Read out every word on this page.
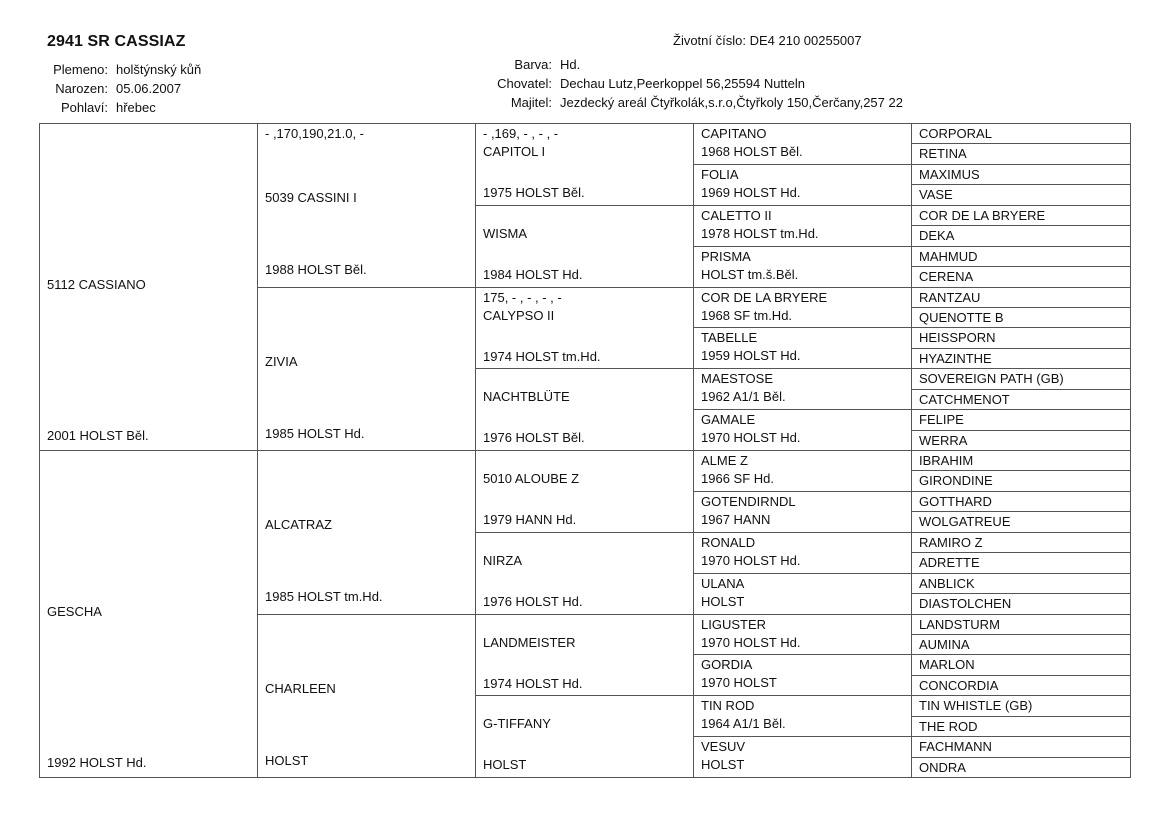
2941 SR CASSIAZ	Životní číslo: DE4 210 00255007
Plemeno: holštýnský kůň
Narozen: 05.06.2007
Pohlaví: hřebec
Barva: Hd.
Chovatel: Dechau Lutz,Peerkoppel 56,25594 Nutteln
Majitel: Jezdecký areál Čtyřkolák,s.r.o,Čtyřkoly 150,Čerčany,257 22
5112 CASSIANO
2001 HOLST Běl.
GESCHA
1992 HOLST Hd.
- ,170,190,21.0, -
5039 CASSINI I
1988 HOLST Běl.
ZIVIA
1985 HOLST Hd.
ALCATRAZ
1985 HOLST tm.Hd.
CHARLEEN
HOLST
- ,169, - , - , -
CAPITOL I
1975 HOLST Běl.
WISMA
1984 HOLST Hd.
175, - , - , - , -
CALYPSO II
1974 HOLST tm.Hd.
NACHTBLÜTE
1976 HOLST Běl.
5010 ALOUBE Z
1979 HANN Hd.
NIRZA
1976 HOLST Hd.
LANDMEISTER
1974 HOLST Hd.
G-TIFFANY
HOLST
CAPITANO
1968 HOLST Běl.
FOLIA
1969 HOLST Hd.
CALETTO II
1978 HOLST tm.Hd.
PRISMA
HOLST tm.š.Běl.
COR DE LA BRYERE
1968 SF tm.Hd.
TABELLE
1959 HOLST Hd.
MAESTOSE
1962 A1/1 Běl.
GAMALE
1970 HOLST Hd.
ALME Z
1966 SF Hd.
GOTENDIRNDL
1967 HANN
RONALD
1970 HOLST Hd.
ULANA
HOLST
LIGUSTER
1970 HOLST Hd.
GORDIA
1970 HOLST
TIN ROD
1964 A1/1 Běl.
VESUV
HOLST
CORPORAL
RETINA
MAXIMUS
VASE
COR DE LA BRYERE
DEKA
MAHMUD
CERENA
RANTZAU
QUENOTTE B
HEISSPORN
HYAZINTHE
SOVEREIGN PATH (GB)
CATCHMENOT
FELIPE
WERRA
IBRAHIM
GIRONDINE
GOTTHARD
WOLGATREUE
RAMIRO Z
ADRETTE
ANBLICK
DIASTOLCHEN
LANDSTURM
AUMINA
MARLON
CONCORDIA
TIN WHISTLE (GB)
THE ROD
FACHMANN
ONDRA
